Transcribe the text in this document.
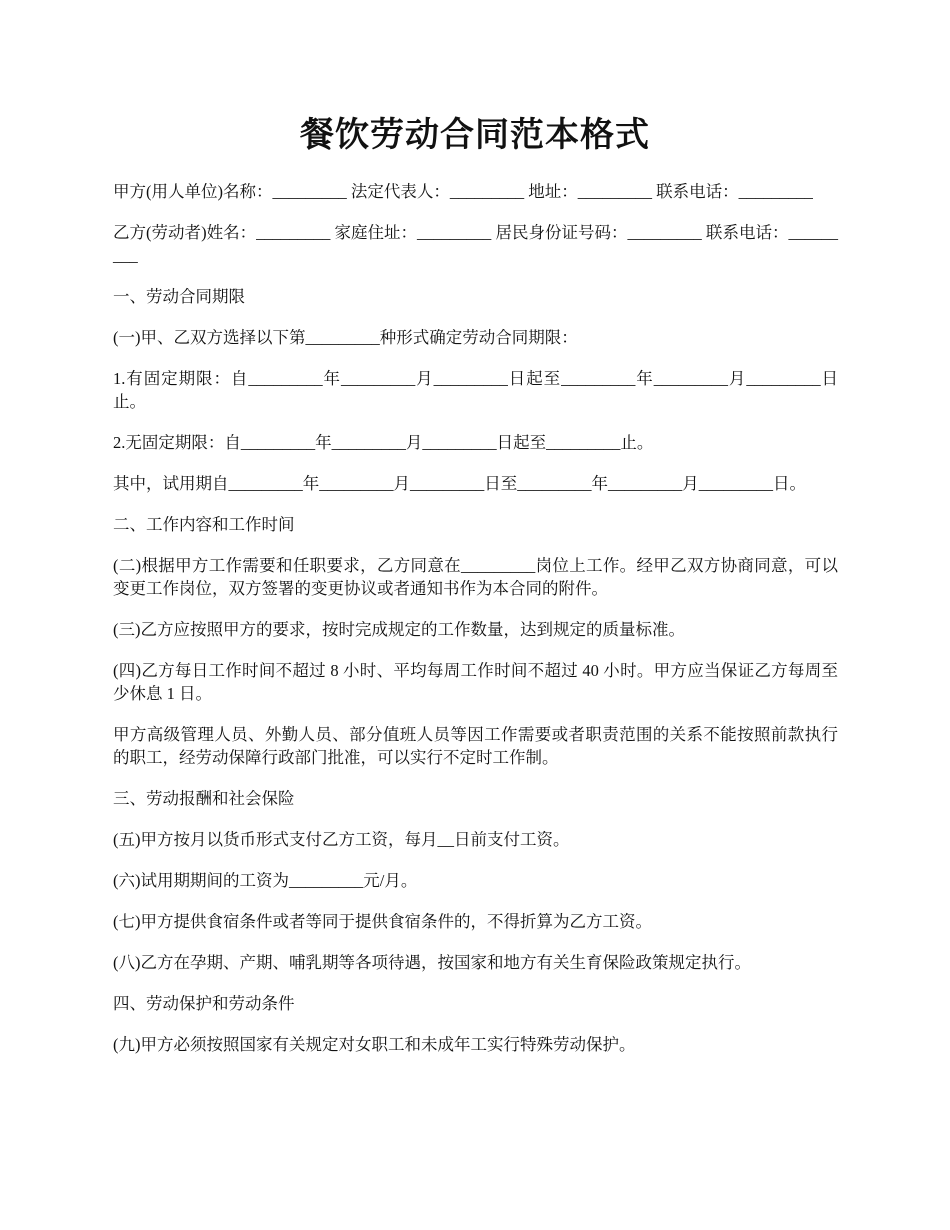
餐饮劳动合同范本格式

甲方(用人单位)名称：_________ 法定代表人：_________ 地址：_________ 联系电话：_________

乙方(劳动者)姓名：_________ 家庭住址：_________ 居民身份证号码：_________ 联系电话：_________

一、劳动合同期限

(一)甲、乙双方选择以下第_________种形式确定劳动合同期限：

1.有固定期限：自_________年_________月_________日起至_________年_________月_________日止。

2.无固定期限：自_________年_________月_________日起至_________止。

其中，试用期自_________年_________月_________日至_________年_________月_________日。

二、工作内容和工作时间

(二)根据甲方工作需要和任职要求，乙方同意在_________岗位上工作。经甲乙双方协商同意，可以变更工作岗位，双方签署的变更协议或者通知书作为本合同的附件。

(三)乙方应按照甲方的要求，按时完成规定的工作数量，达到规定的质量标准。

(四)乙方每日工作时间不超过 8 小时、平均每周工作时间不超过 40 小时。甲方应当保证乙方每周至少休息 1 日。

甲方高级管理人员、外勤人员、部分值班人员等因工作需要或者职责范围的关系不能按照前款执行的职工，经劳动保障行政部门批准，可以实行不定时工作制。

三、劳动报酬和社会保险

(五)甲方按月以货币形式支付乙方工资，每月__日前支付工资。

(六)试用期期间的工资为_________元/月。

(七)甲方提供食宿条件或者等同于提供食宿条件的，不得折算为乙方工资。

(八)乙方在孕期、产期、哺乳期等各项待遇，按国家和地方有关生育保险政策规定执行。

四、劳动保护和劳动条件

(九)甲方必须按照国家有关规定对女职工和未成年工实行特殊劳动保护。
